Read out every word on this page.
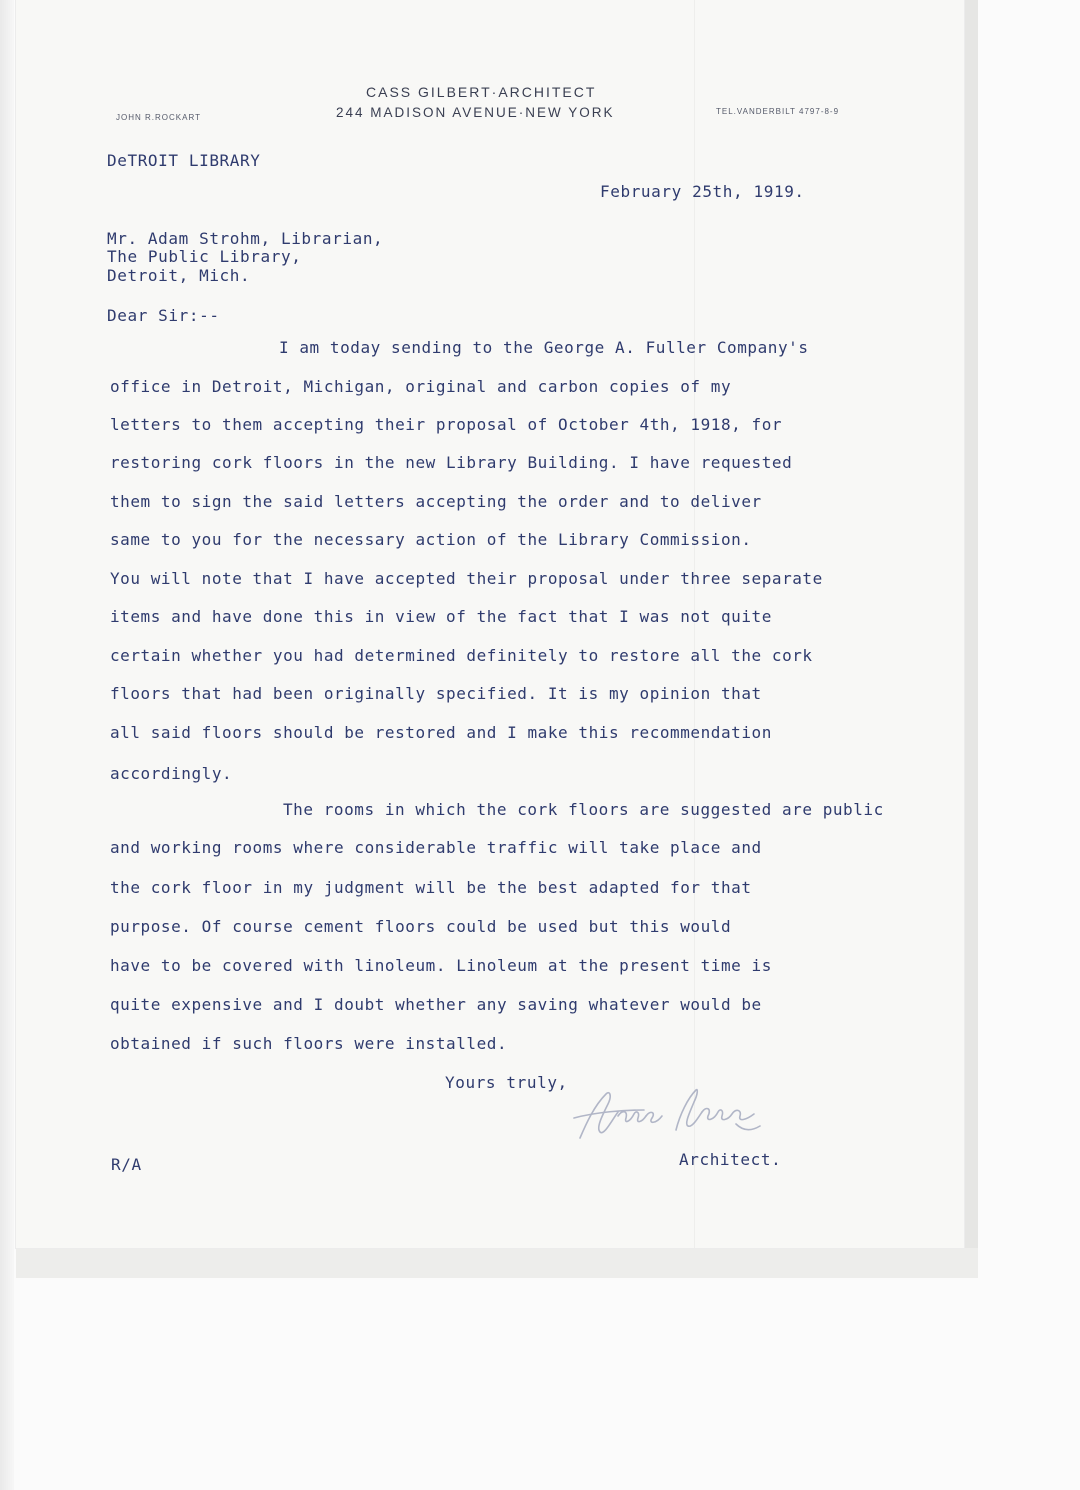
CASS GILBERT·ARCHITECT
244 MADISON AVENUE·NEW YORK
JOHN R.ROCKART
TEL.VANDERBILT 4797-8-9
DeTROIT LIBRARY
February 25th, 1919.
Mr. Adam Strohm, Librarian,
The Public Library,
Detroit, Mich.
Dear Sir:--
I am today sending to the George A. Fuller Company's
office in Detroit, Michigan, original and carbon copies of my
letters to them accepting their proposal of October 4th, 1918, for
restoring cork floors in the new Library Building. I have requested
them to sign the said letters accepting the order and to deliver
same to you for the necessary action of the Library Commission.
You will note that I have accepted their proposal under three separate
items and have done this in view of the fact that I was not quite
certain whether you had determined definitely to restore all the cork
floors that had been originally specified. It is my opinion that
all said floors should be restored and I make this recommendation
accordingly.
The rooms in which the cork floors are suggested are public
and working rooms where considerable traffic will take place and
the cork floor in my judgment will be the best adapted for that
purpose. Of course cement floors could be used but this would
have to be covered with linoleum. Linoleum at the present time is
quite expensive and I doubt whether any saving whatever would be
obtained if such floors were installed.
Yours truly,
Architect.
R/A
